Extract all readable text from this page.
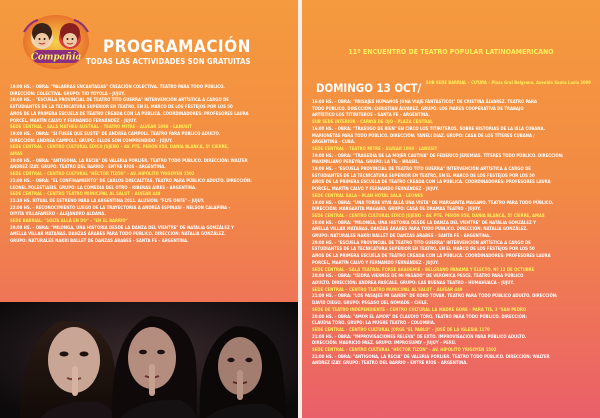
Compañía
PROGRAMACIÓN
TODAS LAS ACTIVIDADES SON GRATUITAS

19:00 HS. – OBRA: "PALABRAS ENCANTADAS" CREACIÓN COLECTIVA. TEATRO PARA TODO PÚBLICO.

DIRECCIÓN: COLECTIVA. GRUPO: TIO YOYOLA – JUJUY.

20:00 HS. – "ESCUELA PROVINCIAL DE TEATRO TITO GUERRA" INTERVENCIÓN ARTÍSTICA A CARGO DE

ESTUDIANTES DE LA TECNICATURA SUPERIOR EN TEATRO, EN EL MARCO DE LOS FESTEJOS POR LOS 50

AÑOS DE LA PRIMERA ESCUELA DE TEATRO CREADA CON LA PÚBLICA. COORDINADORES: PROFESORES LAURA

PORCEL, MARTÍN CALVO Y FERNANDO FERNÁNDEZ – JUJUY.

SEDE CENTRAL – SALA MATHEU AUSTRAL – TEATRO MITRE – ALVEAR 1098 – LANUSIT

19:00 HS. – OBRA: "SI FUESE QUE SUSTE" DE ANDREA CAMPOLI. TEATRO PARA PÚBLICO ADULTO.

DIRECCIÓN: ANDREA CAMPOLI. GRUPO: ELLOS SON COMPRENDIDO – JUJUY.

SEDE CENTRAL – CENTRO CULTURAL ÉDICO JUJEÑO – AV. PTE. PERÓN 858, DANIA BLANCA, 5º CIERRE,

AMAS

20:00 HS. – OBRA: "ANTIGONA, LA RECIA" DE VALERIA PORLIER. TEATRO TODO PÚBLICO. DIRECCIÓN: WALTER

ANDREZ IZAY. GRUPO: TEATRO DEL BARRIO – ENTRE RÍOS – ARGENTINA.

SEDE CENTRAL – CENTRO CULTURAL "HÉCTOR TIZÓN" – AV. HIPÓLITO YRIGOYEN 1502

21:00 HS. – OBRA: "EL CONFINAMIENTO" DE CARLOS DRECALTTAS. TEATRO PARA PÚBLICO ADULTO. DIRECCIÓN:

LEONEL POLESTIASIS. GRUPO: LA COMEDIA DEL OTRO – RIBERAS AIRES – ARGENTINA.

SEDE CENTRAL – CENTRO TEATRO MUNICIPAL AL SALUT – ALVEAR 449

21:30 HS. RITUAL DE ESTRENO PARA LA ARGENTINA 2011. ALUSIÓN: "FLYE ONTE" – JUJUY.

22:00 HS. – RECONOCIMIENTO LUEGO DE LA TRAYECTORIA A ANDREA ESPINASI – NELSON CALAPIÑA –

DIYITA VILLAFAÑERO – ALEJANDRO ALDANA.

SEDE BARRIAL: "SOLTA ALLÁ EN DO" – "EN EL BARRIO"

20:00 HS. – OBRA: "MILONGA, UNA HISTORIA DESDE LA DANZA DEL VIENTRE" DE NATALIA GONZÁLEZ Y

ANELLA VILLAR MATAÑAS. DANZAS ÁRABES PARA TODO PÚBLICO. DIRECCIÓN: NATALIA GONZÁLEZ.

GRUPO: NATURALES NAKRI BALLET DE DANZAS ÁRABES – SANTA FE – ARGENTINA.

11º ENCUENTRO DE TEATRO POPULAR LATINOAMERICANO
DOMINGO 13 OCT/ SUB SEDE BARRIAL – CUYAYA – Plaza Gral Belgrano, Avenida Santa Lucía 2009

16:00 HS. – OBRA: "PAISAJES HUMANOS (UNA VIAJE FANTÁSTICO)" DE CRISTINA ÁLVAREZ. TEATRO PARA

TODO PÚBLICO. DIRECCIÓN: CHRISTIAN ÁLVAREZ. GRUPO: LOS MARES COOPERATIVA DE TRABAJO

ARTÍSTICO LOS TITIRITEROS – SANTA FE – ARGENTINA.

SUB SEDE INTERIOR – CAPAYA DE OJO – PLAZA CENTRAL

16:00 HS. – OBRA: "TRASUGO DE BIEN" EN CIRCO LOS TITIRITEROS. SOBRE HISTORIAS DE LA ISLA CUBANA.

MARIONETAS PARA TODO PÚBLICO. DIRECCIÓN: YANELI DIAZ. GRUPO: CASA DE LOS TÍTERES CUBANA /

ARGENTINA – CUBA.

SEDE CENTRAL – TEATRO MITRE – ALVEAR 1098 – LANUSIT

19:00 HS. – OBRA: "TRAGEDIA DE LA MUJER CAUTIVA" DE FEDERICO JEREMIAS. TÍTERES TODO PÚBLICO. DIRECCIÓN:

MAXIMILIANO PEREYRA. GRUPO: LA TIL – BRASIL.

19:00 HS. – "ESCUELA PROVINCIAL DE TEATRO TITO GUERRA" INTERVENCIÓN ARTÍSTICA A CARGO DE

ESTUDIANTES DE LA TECNICATURA SUPERIOR EN TEATRO, EN EL MARCO DE LOS FESTEJOS POR LOS 50

AÑOS DE LA PRIMERA ESCUELA DE TEATRO CREADA CON LA PÚBLICA. COORDINADORES: PROFESORES LAURA

PORCEL, MARTÍN CALVO Y FERNANDO FERNÁNDEZ – JUJUY.

SEDE CENTRAL SALA – PLAN HOTAL SALA – LEONES

19:00 HS. – OBRA: "UNA TORRE VIVA ALLÁ UNA VISTA" DE MARGARITA MAGANO. TEATRO PARA TODO PÚBLICO.

DIRECCIÓN: MARGARITA MAGANO. GRUPO: CASA DE DRAMAS TEATRO – JUJUY.

SEDE CENTRAL – CENTRO CULTURAL ÉDICO JUJEÑO – AV. PTE. PERÓN 858, DANIA BLANCA, 5º CIERRE, AMAS

20:00 HS. – OBRA: "MILONGA, UNA HISTORIA DESDE LA DANZA DEL VIENTRE" DE NATALIA GONZÁLEZ Y

ANELLA VILLAR MATAÑAS. DANZAS ÁRABES PARA TODO PÚBLICO. DIRECCIÓN: NATALIA GONZÁLEZ.

GRUPO: NATURALES NAKRI BALLET DE DANZAS ÁRABES – SANTA FE – ARGENTINA.

20:00 HS. – "ESCUELA PROVINCIAL DE TEATRO TITO GUERRA" INTERVENCIÓN ARTÍSTICA A CARGO DE

ESTUDIANTES DE LA TECNICATURA SUPERIOR EN TEATRO, EN EL MARCO DE LOS FESTEJOS POR LOS 50

AÑOS DE LA PRIMERA ESCUELA DE TEATRO CREADA CON LA PÚBLICA. COORDINADORES: PROFESORES LAURA

PORCEL, MARTÍN CALVO Y FERNANDO FERNÁNDEZ – JUJUY.

SEDE CENTRAL – SALA TEATRAL FORSE AKADEMIE – BELGRANO PANAMÁ Y ELECTO, Nº 12 DE OCTUBRE

20:00 HS. – OBRA: "ISIDRA VIERNES DE MI PASADO" DE VERÓNICA PESCE. TEATRO PARA PÚBLICO

ADULTO. DIRECCIÓN: ANDREA PASCALE. GRUPO: LAS BUENAS TEATRO – HUMAHUACA – JUJUY.

SEDE CENTRAL – CENTRO TEATRO MUNICIPAL AL SALUT – ALVEAR 449

21:00 HS. – OBRA: "LOS PASAJES MI GANDE" DE KOKO TOVAR. TEATRO PARA TODO PÚBLICO ADULTO. DIRECCIÓN:

DAVID DIEGO. GRUPO: PEGASO DEL NÓMADE – CHILE.

SEDE DE TEATRO INDEPENDIENTE – CENTRO CULTURAL LA MADRE GORE – PARA TIS, 3 "SAN PEDRO

20:00 HS. – OBRA: "AMOR EL AMOR" DE CLAUDIO TORO. TEATRO PARA TODO PÚBLICO. DIRECCIÓN:

CLAUDIA TORO. GRUPO: LA MUGRE TEATRO – COLOMBIA.

SEDE CENTRAL – CENTRO CULTURAL JORGE "EL PABLO" – JOSÉ DE LA IGLESIA 1170

21:00 HS. – OBRA: "IMPROVISACIONES RELEVA" DE EXTO. IMPROVISACIÓN PARA PÚBLICO ADULTO.

DIRECCIÓN: MAURICIO PÁEZ. GRUPO: IMPROSUPAY – JUJUY – PERÚ.

SEDE CENTRAL – CENTRO CULTURAL "HÉCTOR TIZÓN" – AV. HIPÓLITO YRIGOYEN 1502

21:00 HS. – OBRA: "ANTIGONA, LA RECIA" DE VALERIA PORLIER. TEATRO TODO PÚBLICO. DIRECCIÓN: WALTER

ANDREZ IZAY. GRUPO: TEATRO DEL BARRIO – ENTRE RÍOS – ARGENTINA.
